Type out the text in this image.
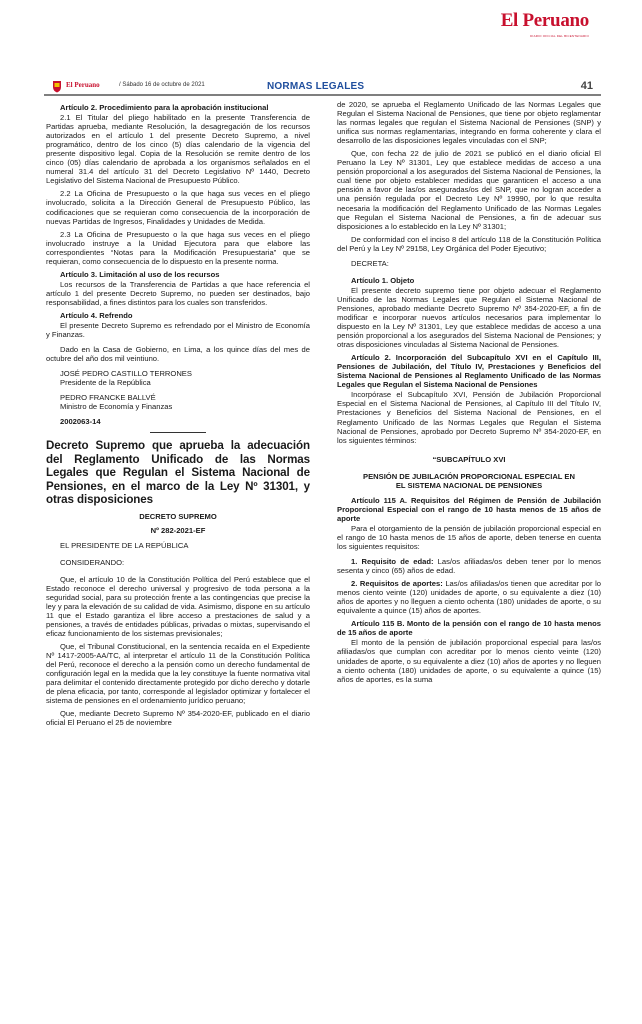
El Peruano
DIARIO OFICIAL DEL BICENTENARIO
El Peruano	/ Sábado 16 de octubre de 2021	NORMAS LEGALES	41
Artículo 2. Procedimiento para la aprobación institucional

2.1 El Titular del pliego habilitado en la presente Transferencia de Partidas aprueba, mediante Resolución, la desagregación de los recursos autorizados en el artículo 1 del presente Decreto Supremo, a nivel programático, dentro de los cinco (5) días calendario de la vigencia del presente dispositivo legal. Copia de la Resolución se remite dentro de los cinco (05) días calendario de aprobada a los organismos señalados en el numeral 31.4 del artículo 31 del Decreto Legislativo Nº 1440, Decreto Legislativo del Sistema Nacional de Presupuesto Público.

2.2 La Oficina de Presupuesto o la que haga sus veces en el pliego involucrado, solicita a la Dirección General de Presupuesto Público, las codificaciones que se requieran como consecuencia de la incorporación de nuevas Partidas de Ingresos, Finalidades y Unidades de Medida.

2.3 La Oficina de Presupuesto o la que haga sus veces en el pliego involucrado instruye a la Unidad Ejecutora para que elabore las correspondientes “Notas para la Modificación Presupuestaria” que se requieran, como consecuencia de lo dispuesto en la presente norma.

Artículo 3. Limitación al uso de los recursos

Los recursos de la Transferencia de Partidas a que hace referencia el artículo 1 del presente Decreto Supremo, no pueden ser destinados, bajo responsabilidad, a fines distintos para los cuales son transferidos.

Artículo 4. Refrendo

El presente Decreto Supremo es refrendado por el Ministro de Economía y Finanzas.

Dado en la Casa de Gobierno, en Lima, a los quince días del mes de octubre del año dos mil veintiuno.

JOSÉ PEDRO CASTILLO TERRONES

Presidente de la República

PEDRO FRANCKE BALLVÉ

Ministro de Economía y Finanzas

2002063-14

Decreto Supremo que aprueba la adecuación del Reglamento Unificado de las Normas Legales que Regulan el Sistema Nacional de Pensiones, en el marco de la Ley Nº 31301, y otras disposiciones

DECRETO SUPREMO

Nº 282-2021-EF

EL PRESIDENTE DE LA REPÚBLICA

CONSIDERANDO:

Que, el artículo 10 de la Constitución Política del Perú establece que el Estado reconoce el derecho universal y progresivo de toda persona a la seguridad social, para su protección frente a las contingencias que precise la ley y para la elevación de su calidad de vida. Asimismo, dispone en su artículo 11 que el Estado garantiza el libre acceso a prestaciones de salud y a pensiones, a través de entidades públicas, privadas o mixtas, supervisando el eficaz funcionamiento de los sistemas previsionales;

Que, el Tribunal Constitucional, en la sentencia recaída en el Expediente Nº 1417-2005-AA/TC, al interpretar el artículo 11 de la Constitución Política del Perú, reconoce el derecho a la pensión como un derecho fundamental de configuración legal en la medida que la ley constituye la fuente normativa vital para delimitar el contenido directamente protegido por dicho derecho y dotarle de plena eficacia, por tanto, corresponde al legislador optimizar y fortalecer el sistema de pensiones en el ordenamiento jurídico peruano;

Que, mediante Decreto Supremo Nº 354-2020-EF, publicado en el diario oficial El Peruano el 25 de noviembre

de 2020, se aprueba el Reglamento Unificado de las Normas Legales que Regulan el Sistema Nacional de Pensiones, que tiene por objeto reglamentar las normas legales que regulan el Sistema Nacional de Pensiones (SNP) y unifica sus normas reglamentarias, integrando en forma coherente y clara el desarrollo de las disposiciones legales vinculadas con el SNP;

Que, con fecha 22 de julio de 2021 se publicó en el diario oficial El Peruano la Ley Nº 31301, Ley que establece medidas de acceso a una pensión proporcional a los asegurados del Sistema Nacional de Pensiones, la cual tiene por objeto establecer medidas que garanticen el acceso a una pensión a favor de las/os aseguradas/os del SNP, que no logran acceder a una pensión regulada por el Decreto Ley Nº 19990, por lo que resulta necesaria la modificación del Reglamento Unificado de las Normas Legales que Regulan el Sistema Nacional de Pensiones, a fin de adecuar sus disposiciones a lo establecido en la Ley Nº 31301;

De conformidad con el inciso 8 del artículo 118 de la Constitución Política del Perú y la Ley Nº 29158, Ley Orgánica del Poder Ejecutivo;

DECRETA:

Artículo 1. Objeto

El presente decreto supremo tiene por objeto adecuar el Reglamento Unificado de las Normas Legales que Regulan el Sistema Nacional de Pensiones, aprobado mediante Decreto Supremo Nº 354-2020-EF, a fin de modificar e incorporar nuevos artículos necesarios para implementar lo dispuesto en la Ley Nº 31301, Ley que establece medidas de acceso a una pensión proporcional a los asegurados del Sistema Nacional de Pensiones; y otras disposiciones vinculadas al Sistema Nacional de Pensiones.

Artículo 2. Incorporación del Subcapítulo XVI en el Capítulo III, Pensiones de Jubilación, del Título IV, Prestaciones y Beneficios del Sistema Nacional de Pensiones al Reglamento Unificado de las Normas Legales que Regulan el Sistema Nacional de Pensiones

Incorpórase el Subcapítulo XVI, Pensión de Jubilación Proporcional Especial en el Sistema Nacional de Pensiones, al Capítulo III del Título IV, Prestaciones y Beneficios del Sistema Nacional de Pensiones, en el Reglamento Unificado de las Normas Legales que Regulan el Sistema Nacional de Pensiones, aprobado por Decreto Supremo Nº 354-2020-EF, en los siguientes términos:

“SUBCAPÍTULO XVI

PENSIÓN DE JUBILACIÓN PROPORCIONAL ESPECIAL EN EL SISTEMA NACIONAL DE PENSIONES

Artículo 115 A. Requisitos del Régimen de Pensión de Jubilación Proporcional Especial con el rango de 10 hasta menos de 15 años de aporte

Para el otorgamiento de la pensión de jubilación proporcional especial en el rango de 10 hasta menos de 15 años de aporte, deben tenerse en cuenta los siguientes requisitos:

1. Requisito de edad: Las/os afiliadas/os deben tener por lo menos sesenta y cinco (65) años de edad.

2. Requisitos de aportes: Las/os afiliadas/os tienen que acreditar por lo menos ciento veinte (120) unidades de aporte, o su equivalente a diez (10) años de aportes y no lleguen a ciento ochenta (180) unidades de aporte, o su equivalente a quince (15) años de aportes.

Artículo 115 B. Monto de la pensión con el rango de 10 hasta menos de 15 años de aporte

El monto de la pensión de jubilación proporcional especial para las/os afiliadas/os que cumplan con acreditar por lo menos ciento veinte (120) unidades de aporte, o su equivalente a diez (10) años de aportes y no lleguen a ciento ochenta (180) unidades de aporte, o su equivalente a quince (15) años de aportes, es la suma
